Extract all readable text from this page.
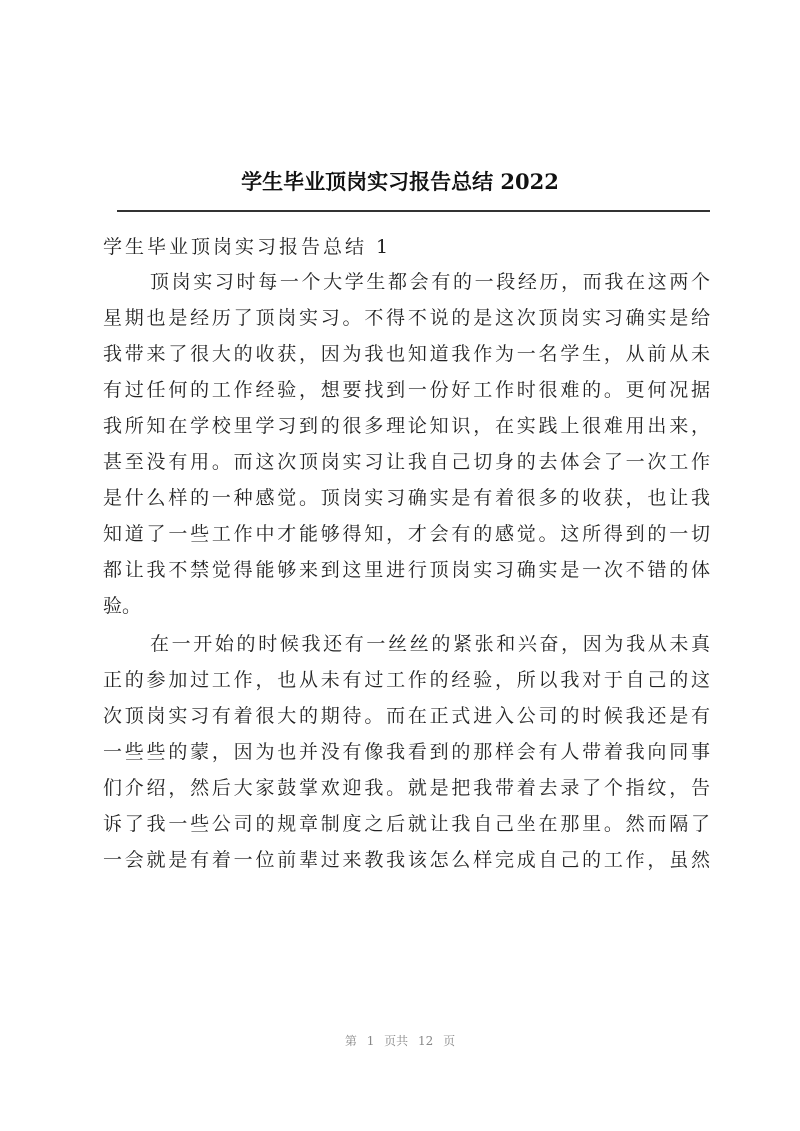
学生毕业顶岗实习报告总结 2022
学生毕业顶岗实习报告总结 1
顶岗实习时每一个大学生都会有的一段经历，而我在这两个
星期也是经历了顶岗实习。不得不说的是这次顶岗实习确实是给
我带来了很大的收获，因为我也知道我作为一名学生，从前从未
有过任何的工作经验，想要找到一份好工作时很难的。更何况据
我所知在学校里学习到的很多理论知识，在实践上很难用出来，
甚至没有用。而这次顶岗实习让我自己切身的去体会了一次工作
是什么样的一种感觉。顶岗实习确实是有着很多的收获，也让我
知道了一些工作中才能够得知，才会有的感觉。这所得到的一切
都让我不禁觉得能够来到这里进行顶岗实习确实是一次不错的体
验。
在一开始的时候我还有一丝丝的紧张和兴奋，因为我从未真
正的参加过工作，也从未有过工作的经验，所以我对于自己的这
次顶岗实习有着很大的期待。而在正式进入公司的时候我还是有
一些些的蒙，因为也并没有像我看到的那样会有人带着我向同事
们介绍，然后大家鼓掌欢迎我。就是把我带着去录了个指纹，告
诉了我一些公司的规章制度之后就让我自己坐在那里。然而隔了
一会就是有着一位前辈过来教我该怎么样完成自己的工作，虽然
第 1 页共 12 页
